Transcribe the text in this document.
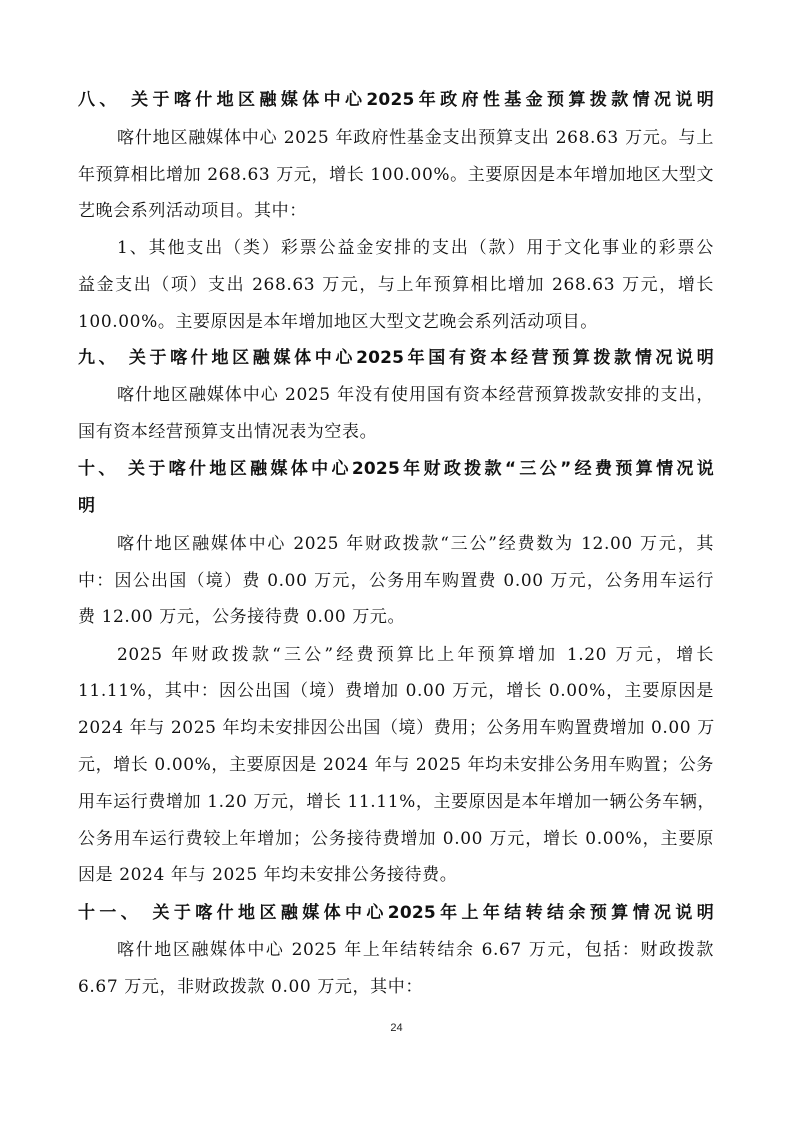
八、 关于喀什地区融媒体中心2025年政府性基金预算拨款情况说明
喀什地区融媒体中心 2025 年政府性基金支出预算支出 268.63 万元。与上
年预算相比增加 268.63 万元，增长 100.00%。主要原因是本年增加地区大型文
艺晚会系列活动项目。其中：
1、其他支出（类）彩票公益金安排的支出（款）用于文化事业的彩票公
益金支出（项）支出 268.63 万元，与上年预算相比增加 268.63 万元，增长
100.00%。主要原因是本年增加地区大型文艺晚会系列活动项目。
九、 关于喀什地区融媒体中心2025年国有资本经营预算拨款情况说明
喀什地区融媒体中心 2025 年没有使用国有资本经营预算拨款安排的支出，
国有资本经营预算支出情况表为空表。
十、 关于喀什地区融媒体中心2025年财政拨款“三公”经费预算情况说
明
喀什地区融媒体中心 2025 年财政拨款“三公”经费数为 12.00 万元，其
中：因公出国（境）费 0.00 万元，公务用车购置费 0.00 万元，公务用车运行
费 12.00 万元，公务接待费 0.00 万元。
2025 年财政拨款“三公”经费预算比上年预算增加 1.20 万元，增长
11.11%，其中：因公出国（境）费增加 0.00 万元，增长 0.00%，主要原因是
2024 年与 2025 年均未安排因公出国（境）费用；公务用车购置费增加 0.00 万
元，增长 0.00%，主要原因是 2024 年与 2025 年均未安排公务用车购置；公务
用车运行费增加 1.20 万元，增长 11.11%，主要原因是本年增加一辆公务车辆，
公务用车运行费较上年增加；公务接待费增加 0.00 万元，增长 0.00%，主要原
因是 2024 年与 2025 年均未安排公务接待费。
十一、 关于喀什地区融媒体中心2025年上年结转结余预算情况说明
喀什地区融媒体中心 2025 年上年结转结余 6.67 万元，包括：财政拨款
6.67 万元，非财政拨款 0.00 万元，其中：
24
